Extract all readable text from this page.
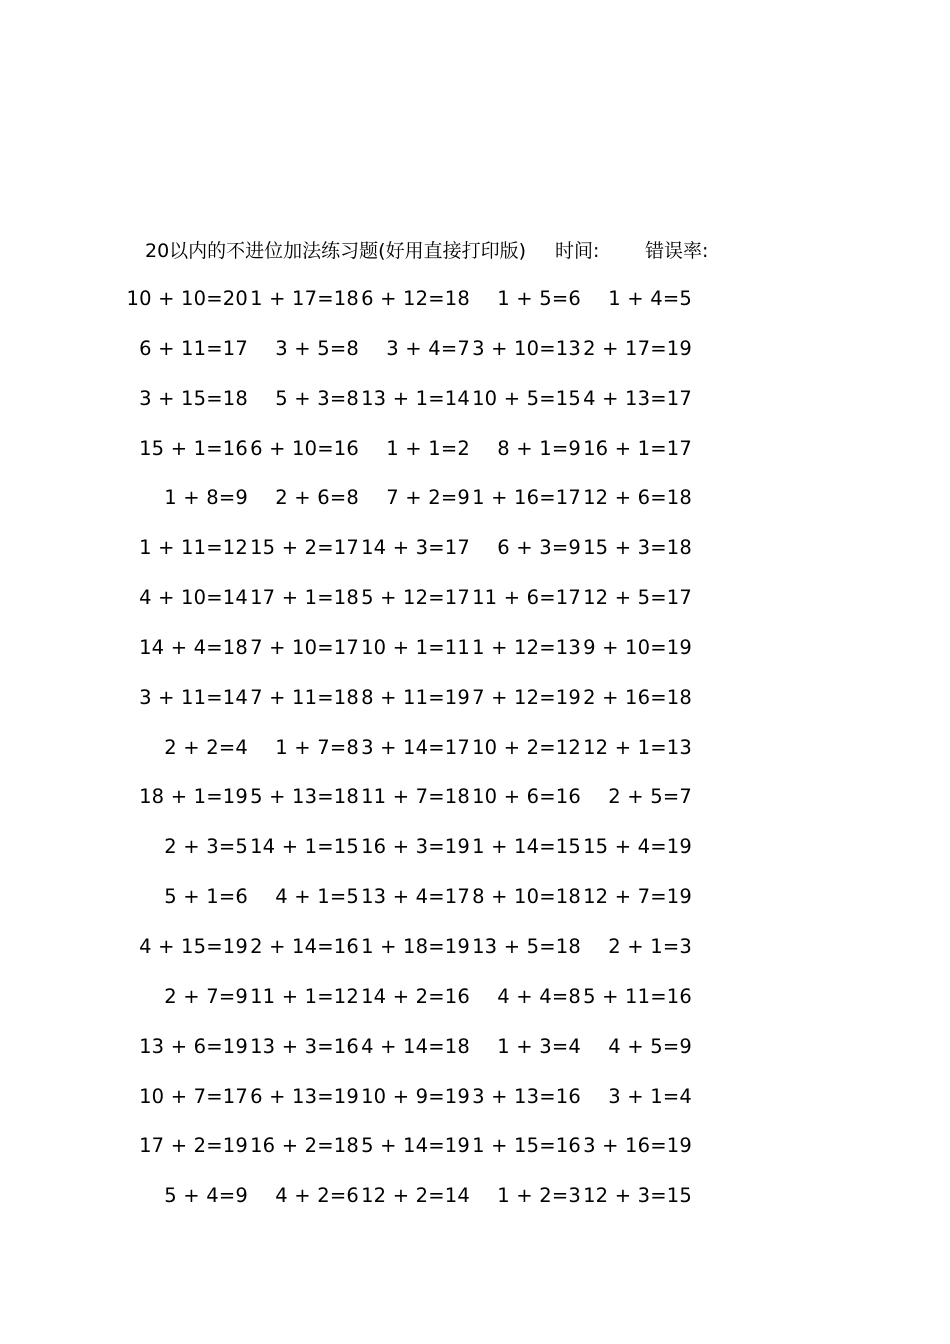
20以内的不进位加法练习题(好用直接打印版) 时间: 错误率:
10 + 10=20 1 + 17=18 6 + 12=18 1 + 5=6 1 + 4=5
6 + 11=17 3 + 5=8 3 + 4=7 3 + 10=13 2 + 17=19
3 + 15=18 5 + 3=8 13 + 1=14 10 + 5=15 4 + 13=17
15 + 1=16 6 + 10=16 1 + 1=2 8 + 1=9 16 + 1=17
1 + 8=9 2 + 6=8 7 + 2=9 1 + 16=17 12 + 6=18
1 + 11=12 15 + 2=17 14 + 3=17 6 + 3=9 15 + 3=18
4 + 10=14 17 + 1=18 5 + 12=17 11 + 6=17 12 + 5=17
14 + 4=18 7 + 10=17 10 + 1=11 1 + 12=13 9 + 10=19
3 + 11=14 7 + 11=18 8 + 11=19 7 + 12=19 2 + 16=18
2 + 2=4 1 + 7=8 3 + 14=17 10 + 2=12 12 + 1=13
18 + 1=19 5 + 13=18 11 + 7=18 10 + 6=16 2 + 5=7
2 + 3=5 14 + 1=15 16 + 3=19 1 + 14=15 15 + 4=19
5 + 1=6 4 + 1=5 13 + 4=17 8 + 10=18 12 + 7=19
4 + 15=19 2 + 14=16 1 + 18=19 13 + 5=18 2 + 1=3
2 + 7=9 11 + 1=12 14 + 2=16 4 + 4=8 5 + 11=16
13 + 6=19 13 + 3=16 4 + 14=18 1 + 3=4 4 + 5=9
10 + 7=17 6 + 13=19 10 + 9=19 3 + 13=16 3 + 1=4
17 + 2=19 16 + 2=18 5 + 14=19 1 + 15=16 3 + 16=19
5 + 4=9 4 + 2=6 12 + 2=14 1 + 2=3 12 + 3=15
